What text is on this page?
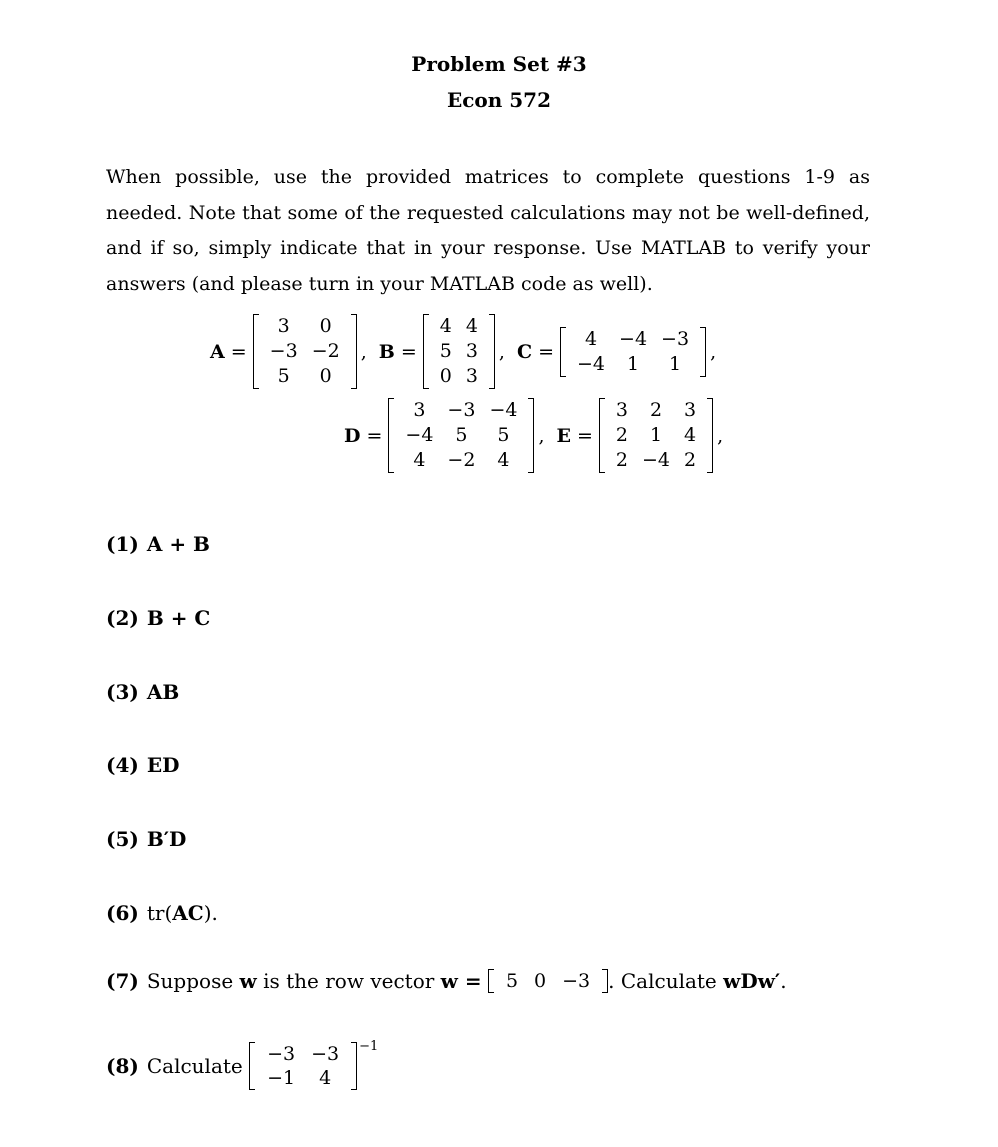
Problem Set #3
Econ 572
When possible, use the provided matrices to complete questions 1-9 as needed. Note that some of the requested calculations may not be well-defined, and if so, simply indicate that in your response. Use MATLAB to verify your answers (and please turn in your MATLAB code as well).
A =
3	0
−3	−2
5	0
, B =
4	4
5	3
0	3
, C =
4	−4	−3
−4	1	1
,
D =
3	−3	−4
−4	5	5
4	−2	4
, E =
3	2	3
2	1	4
2	−4	2
,
(1) A + B
(2) B + C
(3) AB
(4) ED
(5) B′D
(6) tr( AC ).
(7) Suppose
w
is the row vector
w =
5	0	−3 . Calculate
wDw′ .
(8) Calculate
−3	−3
−1	4
−1
